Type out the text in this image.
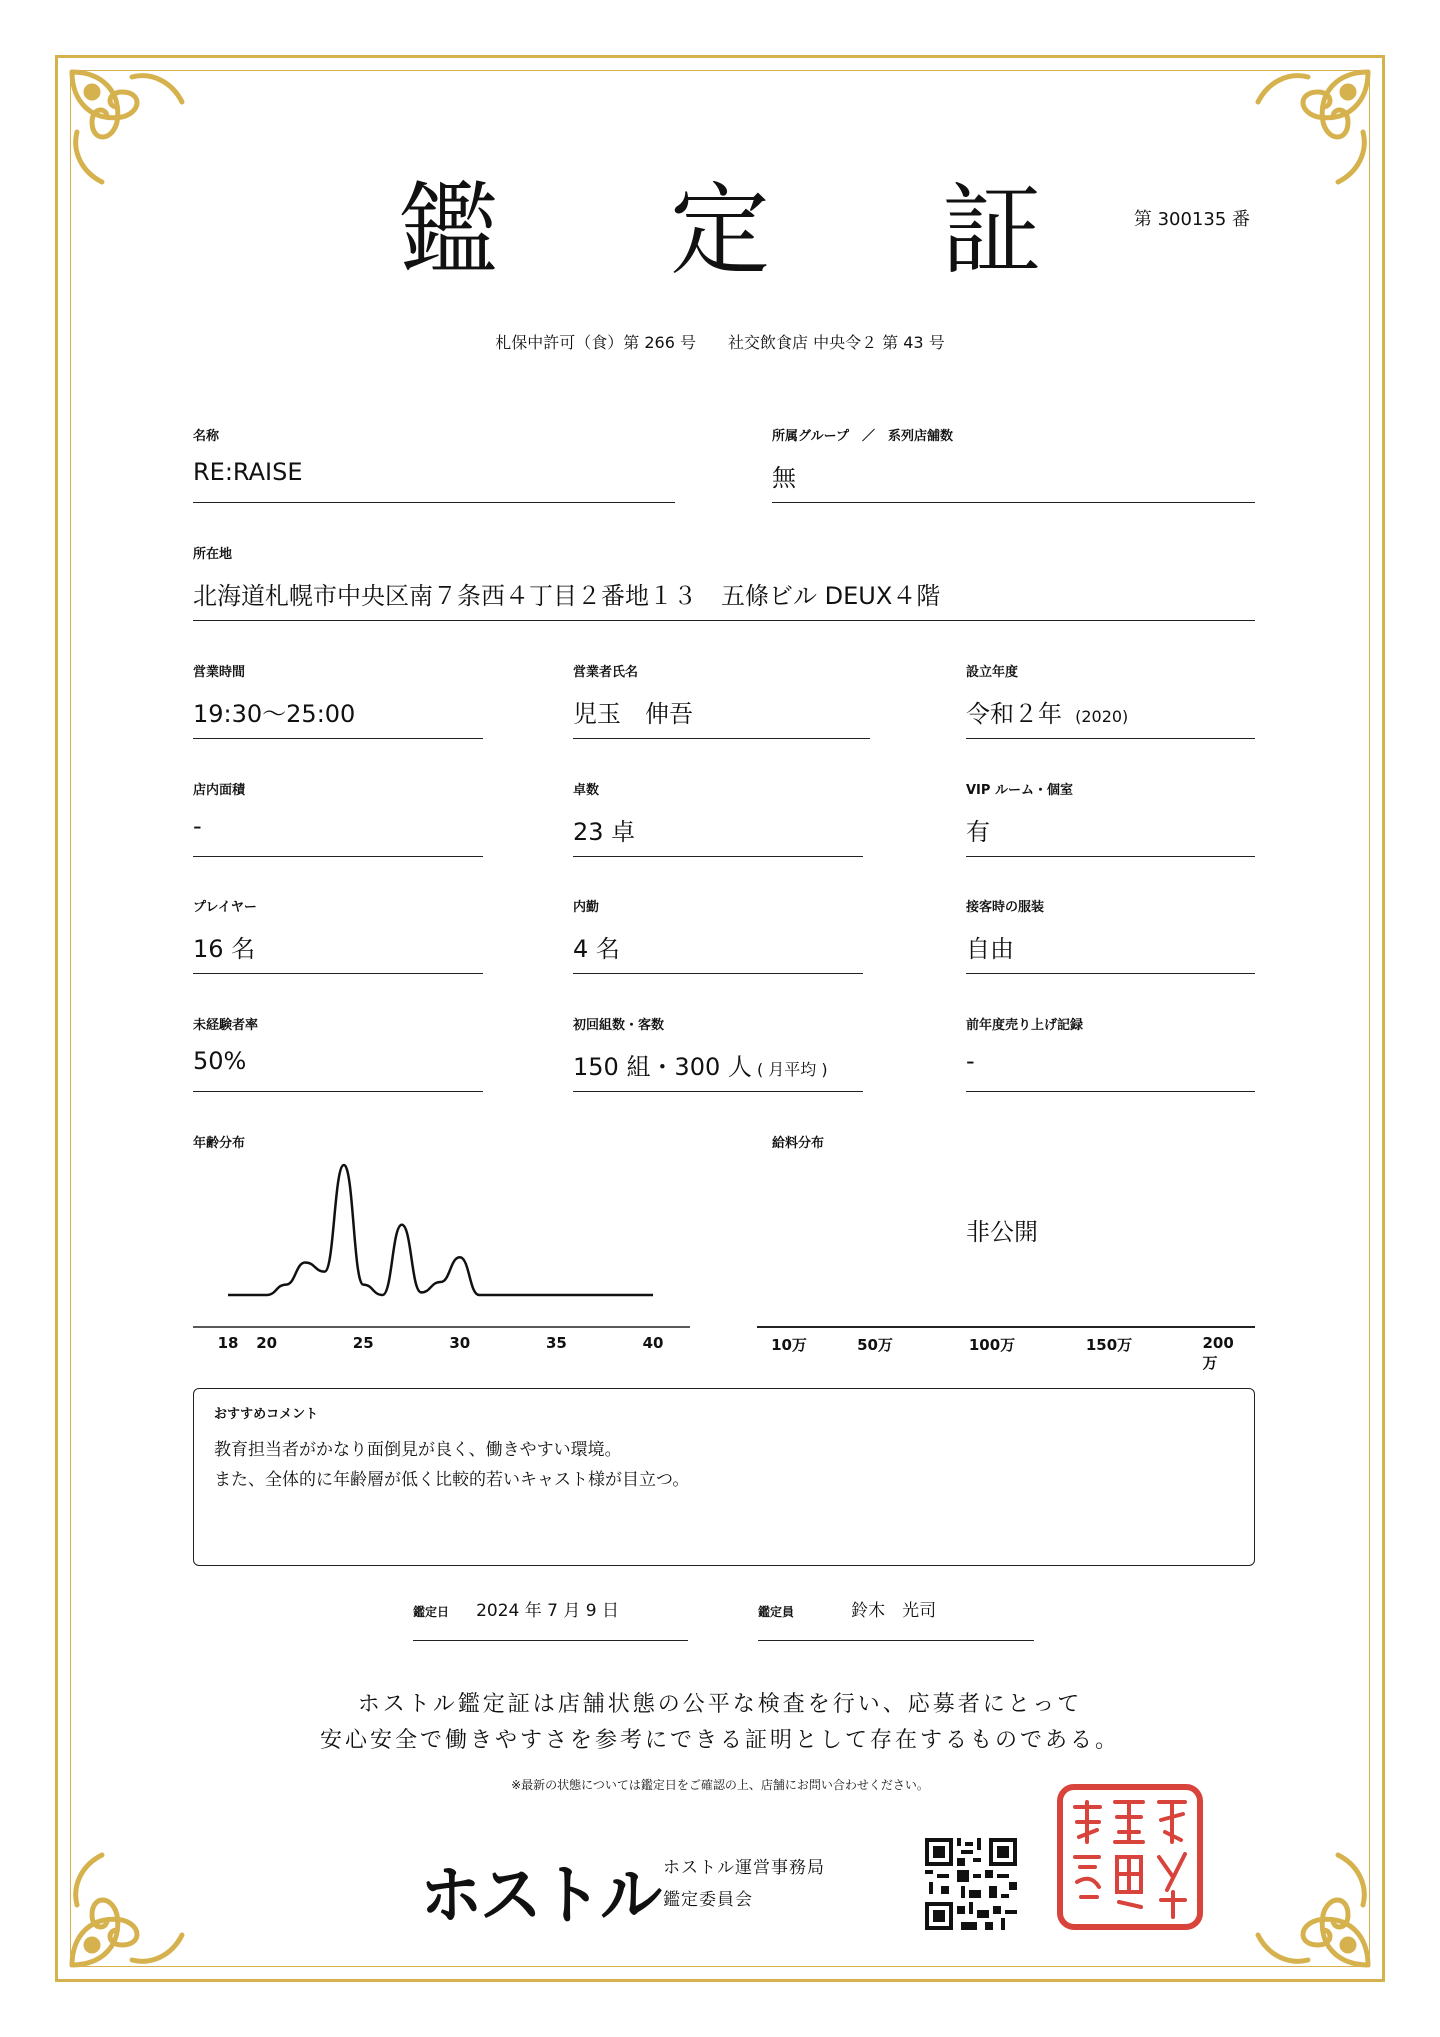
鑑 定 証	第 300135 番
札保中許可（食）第 266 号　　社交飲食店 中央令２ 第 43 号
名称
RE:RAISE
所属グループ　／　系列店舗数
無
所在地
北海道札幌市中央区南７条西４丁目２番地１３　五條ビル DEUX４階
営業時間
19:30〜25:00
営業者氏名
児玉　伸吾
設立年度
令和２年 (2020)
店内面積
-
卓数
23 卓
VIP ルーム・個室
有
プレイヤー
16 名
内勤
4 名
接客時の服装
自由
未経験者率
50%
初回組数・客数
150 組・300 人 ( 月平均 )
前年度売り上げ記録
-
年齢分布
18 20	25	30	35	40
給料分布
非公開
10万	50万	100万	150万	200万
おすすめコメント
教育担当者がかなり面倒見が良く、働きやすい環境。
また、全体的に年齢層が低く比較的若いキャスト様が目立つ。
鑑定日 2024 年 7 月 9 日	鑑定員	鈴木　光司
ホストル鑑定証は店舗状態の公平な検査を行い、応募者にとって
安心安全で働きやすさを参考にできる証明として存在するものである。
※最新の状態については鑑定日をご確認の上、店舗にお問い合わせください。
ホストル ホストル運営事務局
鑑定委員会
